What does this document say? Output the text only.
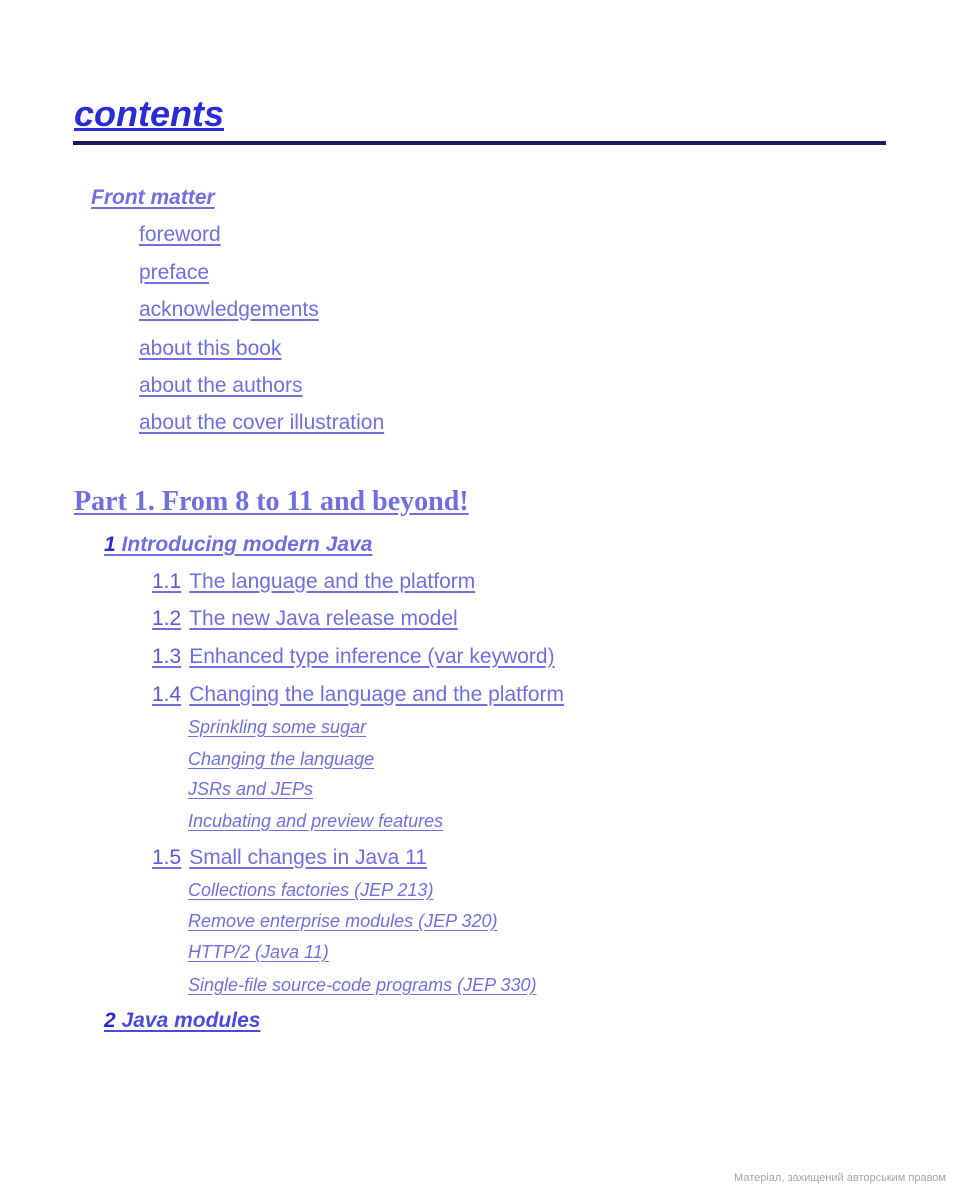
contents
Front matter
foreword
preface
acknowledgements
about this book
about the authors
about the cover illustration
Part 1. From 8 to 11 and beyond!
1 Introducing modern Java
1.1 The language and the platform
1.2 The new Java release model
1.3 Enhanced type inference (var keyword)
1.4 Changing the language and the platform
Sprinkling some sugar
Changing the language
JSRs and JEPs
Incubating and preview features
1.5 Small changes in Java 11
Collections factories (JEP 213)
Remove enterprise modules (JEP 320)
HTTP/2 (Java 11)
Single-file source-code programs (JEP 330)
2 Java modules
Матеріал, захищений авторським правом
